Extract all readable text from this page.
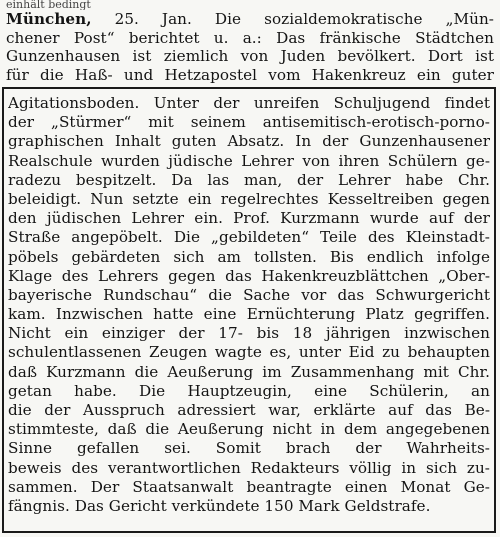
einhält bedingt
München, 25. Jan. Die sozialdemokratische „Mün-
chener Post“ berichtet u. a.: Das fränkische Städtchen
Gunzenhausen ist ziemlich von Juden bevölkert. Dort ist
für die Haß- und Hetzapostel vom Hakenkreuz ein guter
Agitationsboden. Unter der unreifen Schuljugend findet
der „Stürmer“ mit seinem antisemitisch-erotisch-porno-
graphischen Inhalt guten Absatz. In der Gunzenhausener
Realschule wurden jüdische Lehrer von ihren Schülern ge-
radezu bespitzelt. Da las man, der Lehrer habe Chr.
beleidigt. Nun setzte ein regelrechtes Kesseltreiben gegen
den jüdischen Lehrer ein. Prof. Kurzmann wurde auf der
Straße angepöbelt. Die „gebildeten“ Teile des Kleinstadt-
pöbels gebärdeten sich am tollsten. Bis endlich infolge
Klage des Lehrers gegen das Hakenkreuzblättchen „Ober-
bayerische Rundschau“ die Sache vor das Schwurgericht
kam. Inzwischen hatte eine Ernüchterung Platz gegriffen.
Nicht ein einziger der 17- bis 18 jährigen inzwischen
schulentlassenen Zeugen wagte es, unter Eid zu behaupten
daß Kurzmann die Aeußerung im Zusammenhang mit Chr.
getan habe. Die Hauptzeugin, eine Schülerin, an
die der Ausspruch adressiert war, erklärte auf das Be-
stimmteste, daß die Aeußerung nicht in dem angegebenen
Sinne gefallen sei. Somit brach der Wahrheits-
beweis des verantwortlichen Redakteurs völlig in sich zu-
sammen. Der Staatsanwalt beantragte einen Monat Ge-
fängnis. Das Gericht verkündete 150 Mark Geldstrafe.
